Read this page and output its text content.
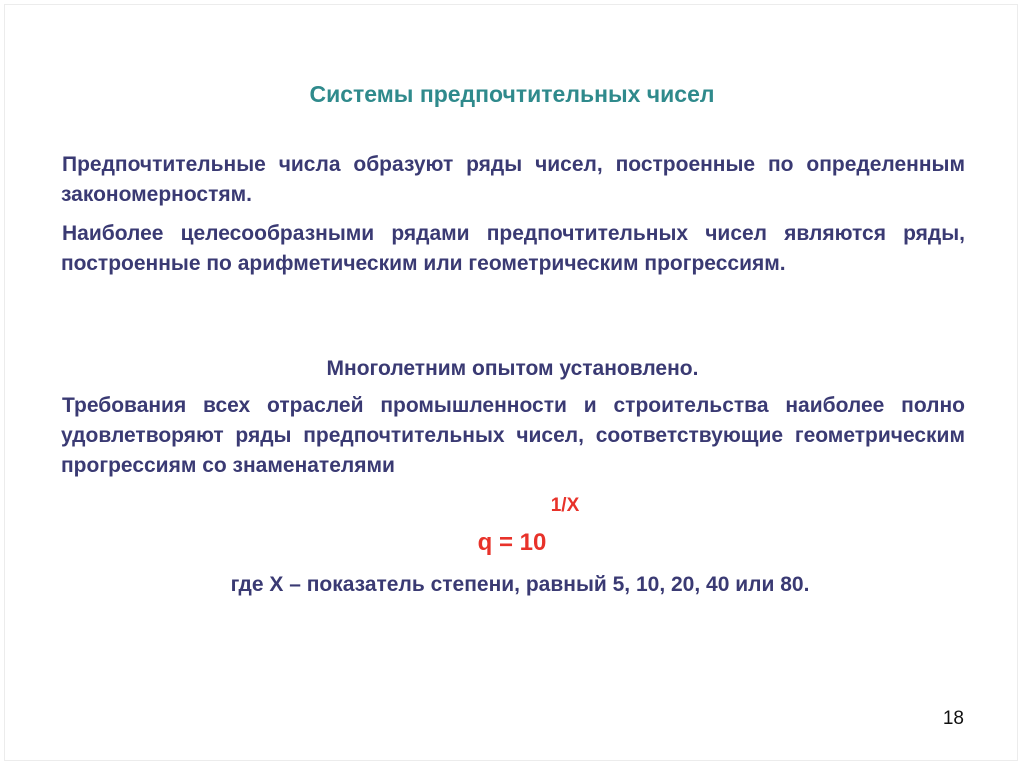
Системы предпочтительных чисел
Предпочтительные числа образуют ряды чисел, построенные по определенным закономерностям.
Наиболее целесообразными рядами предпочтительных чисел являются ряды, построенные по арифметическим или геометрическим прогрессиям.
Многолетним опытом установлено.
Требования всех отраслей промышленности и строительства наиболее полно удовлетворяют ряды предпочтительных чисел, соответствующие геометрическим прогрессиям со знаменателями
1/X
q = 10
где X – показатель степени, равный 5, 10, 20, 40 или 80.
18
